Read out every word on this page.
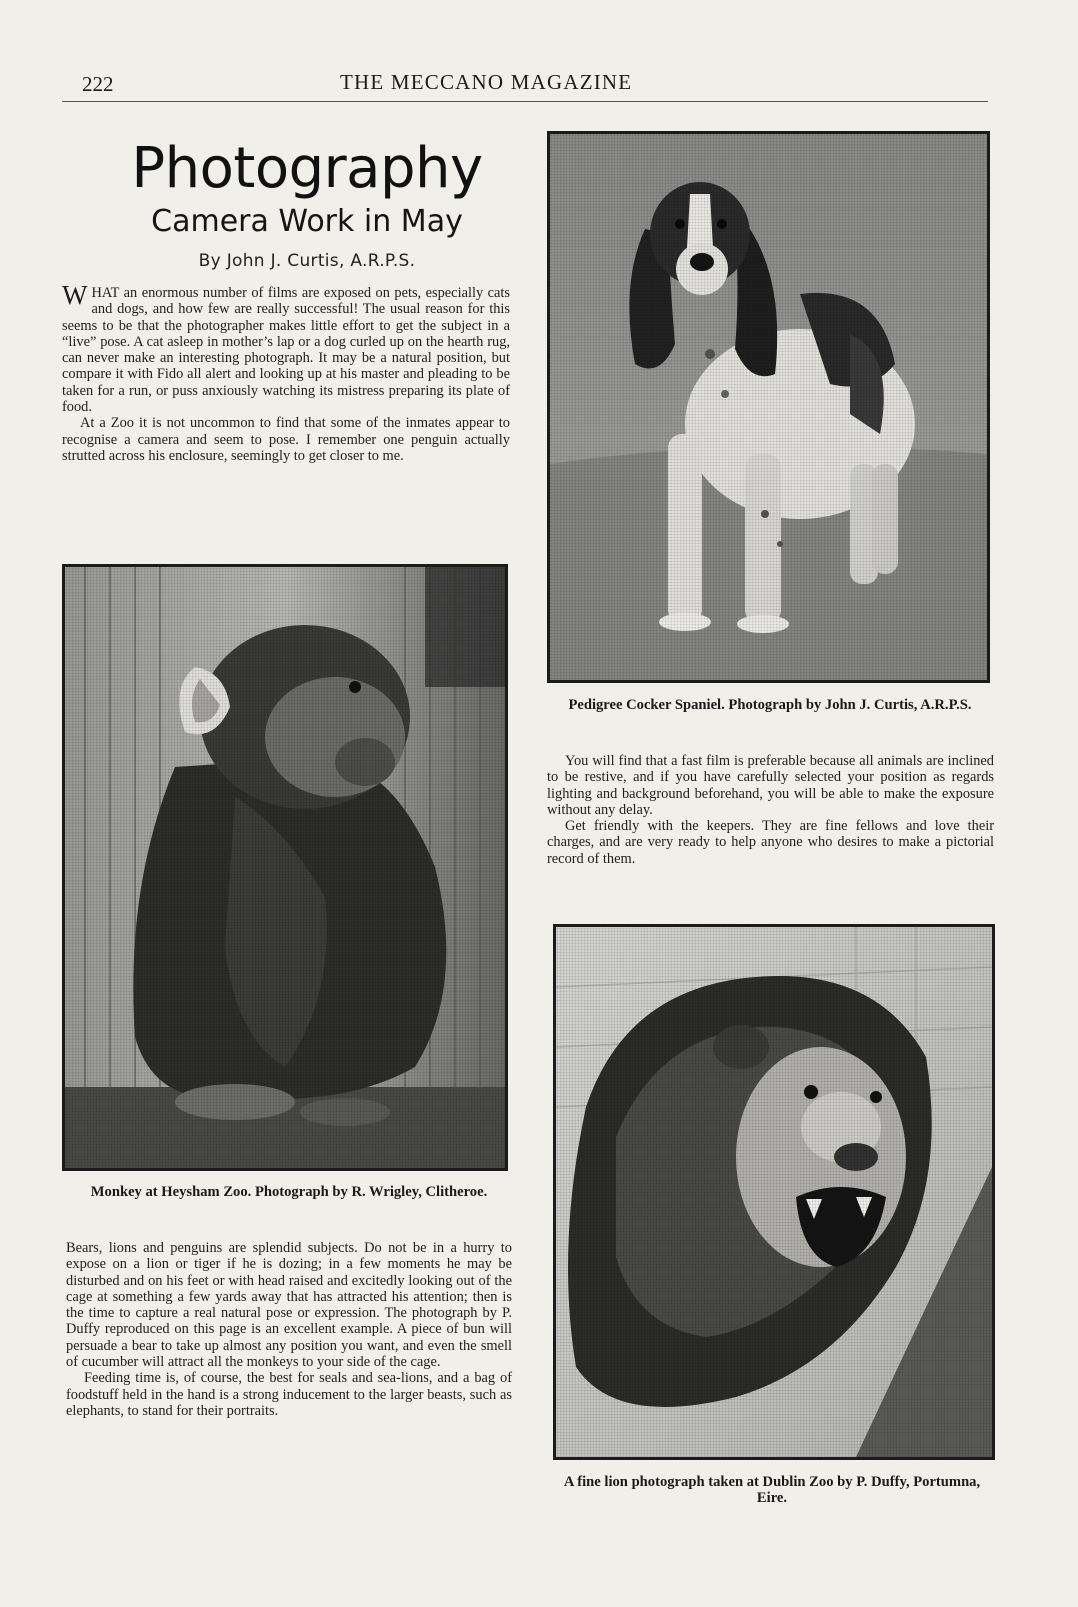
222	THE MECCANO MAGAZINE
Photography
Camera Work in May
By John J. Curtis, A.R.P.S.

WHAT an enormous number of films are exposed on pets, especially cats and dogs, and how few are really successful! The usual reason for this seems to be that the photographer makes little effort to get the subject in a “live” pose. A cat asleep in mother’s lap or a dog curled up on the hearth rug, can never make an interesting photograph. It may be a natural position, but compare it with Fido all alert and looking up at his master and pleading to be taken for a run, or puss anxiously watching its mistress preparing its plate of food.

At a Zoo it is not uncommon to find that some of the inmates appear to recognise a camera and seem to pose. I remember one penguin actually strutted across his enclosure, seemingly to get closer to me.

Pedigree Cocker Spaniel. Photograph by John J. Curtis, A.R.P.S.

You will find that a fast film is preferable because all animals are inclined to be restive, and if you have carefully selected your position as regards lighting and background beforehand, you will be able to make the exposure without any delay.

Get friendly with the keepers. They are fine fellows and love their charges, and are very ready to help anyone who desires to make a pictorial record of them.

Monkey at Heysham Zoo. Photograph by R. Wrigley, Clitheroe.

Bears, lions and penguins are splendid subjects. Do not be in a hurry to expose on a lion or tiger if he is dozing; in a few moments he may be disturbed and on his feet or with head raised and excitedly looking out of the cage at something a few yards away that has attracted his attention; then is the time to capture a real natural pose or expression. The photograph by P. Duffy reproduced on this page is an excellent example. A piece of bun will persuade a bear to take up almost any position you want, and even the smell of cucumber will attract all the monkeys to your side of the cage.

Feeding time is, of course, the best for seals and sea-lions, and a bag of foodstuff held in the hand is a strong inducement to the larger beasts, such as elephants, to stand for their portraits.

A fine lion photograph taken at Dublin Zoo by P. Duffy, Portumna, Eire.
